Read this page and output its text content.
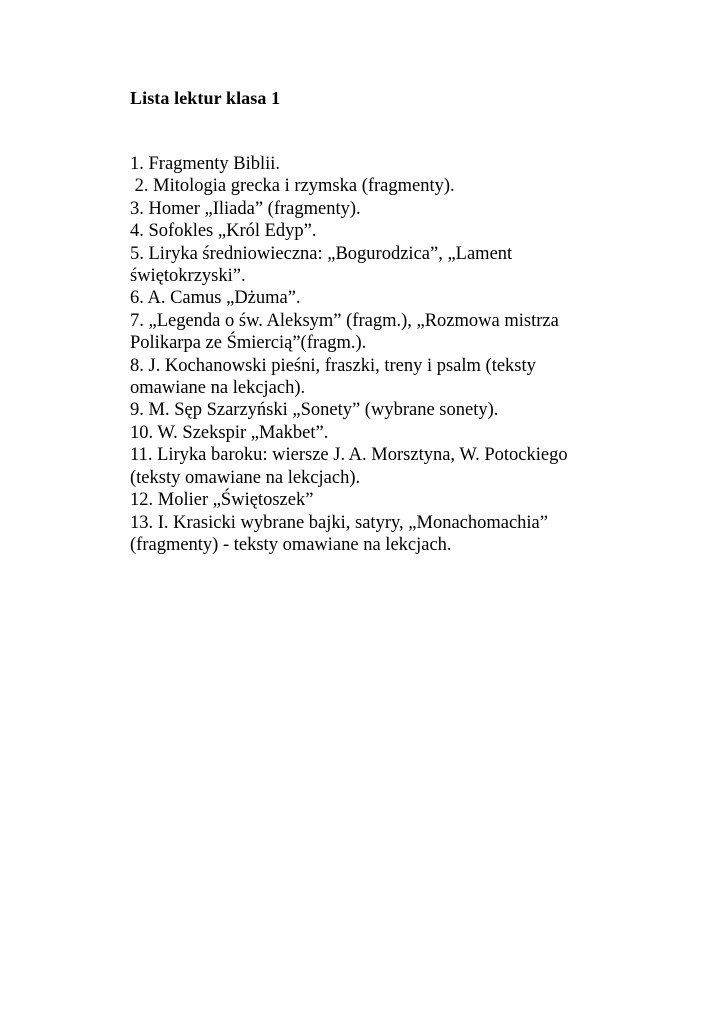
Lista lektur klasa 1
1. Fragmenty Biblii.
2. Mitologia grecka i rzymska (fragmenty).
3. Homer „Iliada” (fragmenty).
4. Sofokles „Król Edyp”.
5. Liryka średniowieczna: „Bogurodzica”, „Lament
świętokrzyski”.
6. A. Camus „Dżuma”.
7. „Legenda o św. Aleksym” (fragm.), „Rozmowa mistrza
Polikarpa ze Śmiercią”(fragm.).
8. J. Kochanowski pieśni, fraszki, treny i psalm (teksty
omawiane na lekcjach).
9. M. Sęp Szarzyński „Sonety” (wybrane sonety).
10. W. Szekspir „Makbet”.
11. Liryka baroku: wiersze J. A. Morsztyna, W. Potockiego
(teksty omawiane na lekcjach).
12. Molier „Świętoszek”
13. I. Krasicki wybrane bajki, satyry, „Monachomachia”
(fragmenty) - teksty omawiane na lekcjach.
